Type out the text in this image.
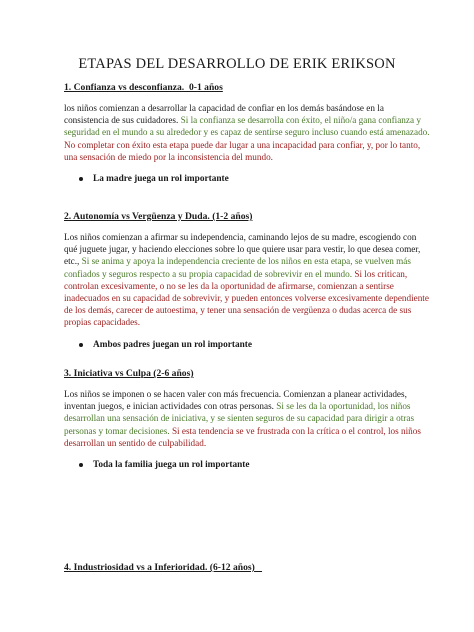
ETAPAS DEL DESARROLLO DE ERIK ERIKSON
1. Confianza vs desconfianza.  0-1 años

los niños comienzan a desarrollar la capacidad de confiar en los demás basándose en la consistencia de sus cuidadores. Si la confianza se desarrolla con éxito, el niño/a gana confianza y seguridad en el mundo a su alrededor y es capaz de sentirse seguro incluso cuando está amenazado. No completar con éxito esta etapa puede dar lugar a una incapacidad para confiar, y, por lo tanto, una sensación de miedo por la inconsistencia del mundo.

La madre juega un rol importante
2. Autonomía vs Vergüenza y Duda. (1-2 años)

Los niños comienzan a afirmar su independencia, caminando lejos de su madre, escogiendo con qué juguete jugar, y haciendo elecciones sobre lo que quiere usar para vestir, lo que desea comer, etc., Si se anima y apoya la independencia creciente de los niños en esta etapa, se vuelven más confiados y seguros respecto a su propia capacidad de sobrevivir en el mundo. Si los critican, controlan excesivamente, o no se les da la oportunidad de afirmarse, comienzan a sentirse inadecuados en su capacidad de sobrevivir, y pueden entonces volverse excesivamente dependiente de los demás, carecer de autoestima, y tener una sensación de vergüenza o dudas acerca de sus propias capacidades.

Ambos padres juegan un rol importante
3. Iniciativa vs Culpa (2-6 años)

Los niños se imponen o se hacen valer con más frecuencia. Comienzan a planear actividades, inventan juegos, e inician actividades con otras personas. Si se les da la oportunidad, los niños desarrollan una sensación de iniciativa, y se sienten seguros de su capacidad para dirigir a otras personas y tomar decisiones. Si esta tendencia se ve frustrada con la crítica o el control, los niños desarrollan un sentido de culpabilidad.

Toda la familia juega un rol importante
4. Industriosidad vs a Inferioridad. (6-12 años)
